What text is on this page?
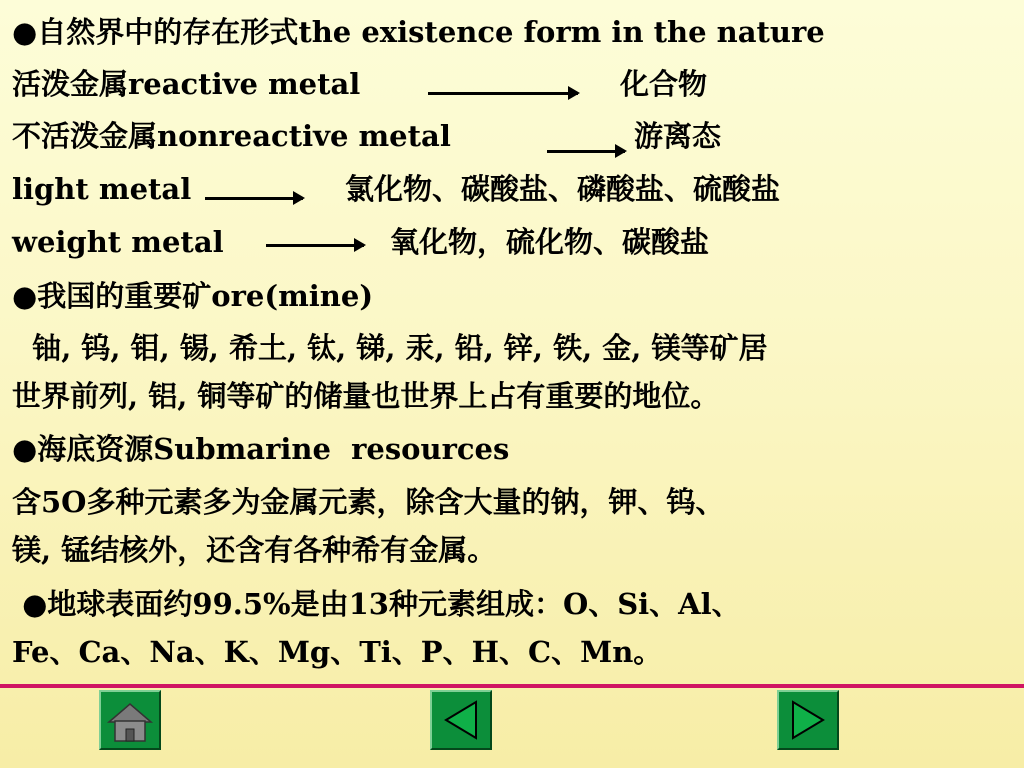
●自然界中的存在形式the existence form in the nature
活泼金属reactive metal	化合物
不活泼金属nonreactive metal	游离态
light metal	氯化物、碳酸盐、磷酸盐、硫酸盐
weight metal	氧化物，硫化物、碳酸盐
●我国的重要矿ore(mine)
铀, 钨, 钼, 锡, 希土, 钛, 锑, 汞, 铅, 锌, 铁, 金, 镁等矿居
世界前列, 铝, 铜等矿的储量也世界上占有重要的地位。
●海底资源Submarine  resources
含5O多种元素多为金属元素，除含大量的钠，钾、钨、
镁, 锰结核外，还含有各种希有金属。
●地球表面约99.5%是由13种元素组成：O、Si、Al、
Fe、Ca、Na、K、Mg、Ti、P、H、C、Mn。
